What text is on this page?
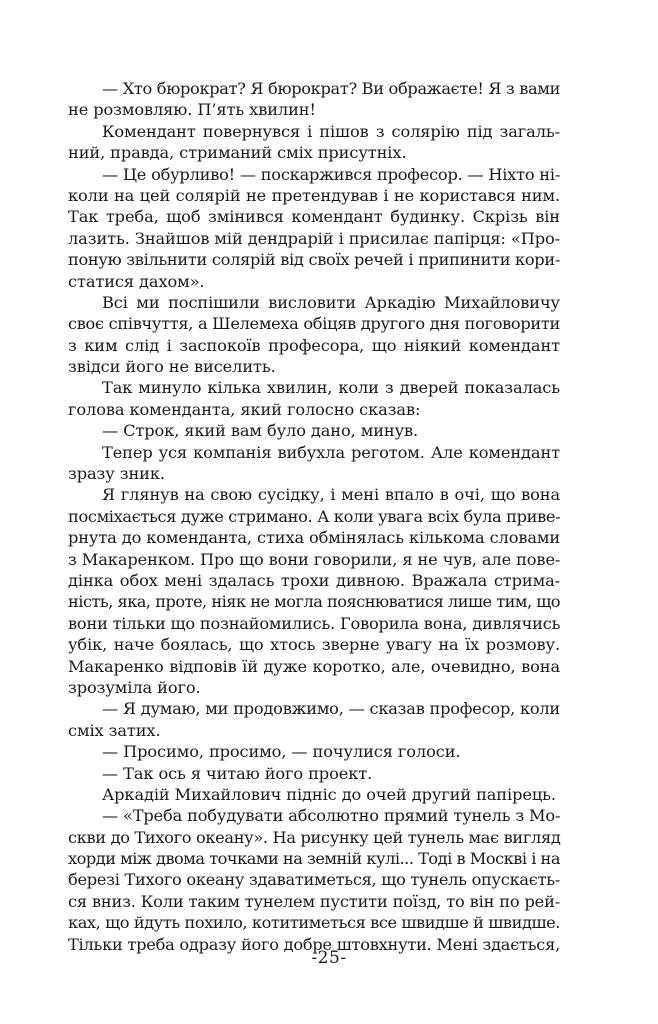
— Хто бюрократ? Я бюрократ? Ви ображаєте! Я з вами
не розмовляю. П’ять хвилин!
Комендант повернувся і пішов з солярію під загаль-
ний, правда, стриманий сміх присутніх.
— Це обурливо! — поскаржився професор. — Ніхто ні-
коли на цей солярій не претендував і не користався ним.
Так треба, щоб змінився комендант будинку. Скрізь він
лазить. Знайшов мій дендрарій і присилає папірця: «Про-
поную звільнити солярій від своїх речей і припинити кори-
статися дахом».
Всі ми поспішили висловити Аркадію Михайловичу
своє співчуття, а Шелемеха обіцяв другого дня поговорити
з ким слід і заспокоїв професора, що ніякий комендант
звідси його не виселить.
Так минуло кілька хвилин, коли з дверей показалась
голова коменданта, який голосно сказав:
— Строк, який вам було дано, минув.
Тепер уся компанія вибухла реготом. Але комендант
зразу зник.
Я глянув на свою сусідку, і мені впало в очі, що вона
посміхається дуже стримано. А коли увага всіх була приве-
рнута до коменданта, стиха обмінялась кількома словами
з Макаренком. Про що вони говорили, я не чув, але пове-
дінка обох мені здалась трохи дивною. Вражала стрима-
ність, яка, проте, ніяк не могла пояснюватися лише тим, що
вони тільки що познайомились. Говорила вона, дивлячись
убік, наче боялась, що хтось зверне увагу на їх розмову.
Макаренко відповів їй дуже коротко, але, очевидно, вона
зрозуміла його.
— Я думаю, ми продовжимо, — сказав професор, коли
сміх затих.
— Просимо, просимо, — почулися голоси.
— Так ось я читаю його проект.
Аркадій Михайлович підніс до очей другий папірець.
— «Треба побудувати абсолютно прямий тунель з Мо-
скви до Тихого океану». На рисунку цей тунель має вигляд
хорди між двома точками на земній кулі... Тоді в Москві і на
березі Тихого океану здаватиметься, що тунель опускаєть-
ся вниз. Коли таким тунелем пустити поїзд, то він по рей-
ках, що йдуть похило, котитиметься все швидше й швидше.
Тільки треба одразу його добре штовхнути. Мені здається,
-25-
